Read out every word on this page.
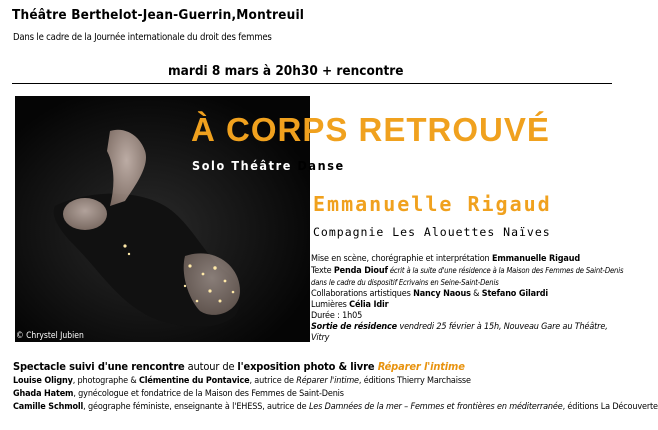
Théâtre Berthelot-Jean-Guerrin,Montreuil
Dans le cadre de la Journée internationale du droit des femmes
mardi 8 mars à 20h30 + rencontre
© Chrystel Jubien
À CORPS RETROUVÉ
Solo Théâtre Danse
Emmanuelle Rigaud
Compagnie Les Alouettes Naïves

Mise en scène, chorégraphie et interprétation Emmanuelle Rigaud

Texte Penda Diouf écrit à la suite d'une résidence à la Maison des Femmes de Saint-Denis dans le cadre du dispositif Ecrivains en Seine-Saint-Denis

Collaborations artistiques Nancy Naous & Stefano Gilardi

Lumières Célia Idir

Durée : 1h05

Sortie de résidence vendredi 25 février à 15h, Nouveau Gare au Théâtre, Vitry

Spectacle suivi d'une rencontre autour de l'exposition photo & livre Réparer l'intime

Louise Oligny, photographe & Clémentine du Pontavice, autrice de Réparer l'intime, éditions Thierry Marchaisse

Ghada Hatem, gynécologue et fondatrice de la Maison des Femmes de Saint-Denis

Camille Schmoll, géographe féministe, enseignante à l'EHESS, autrice de Les Damnées de la mer – Femmes et frontières en méditerranée, éditions La Découverte
